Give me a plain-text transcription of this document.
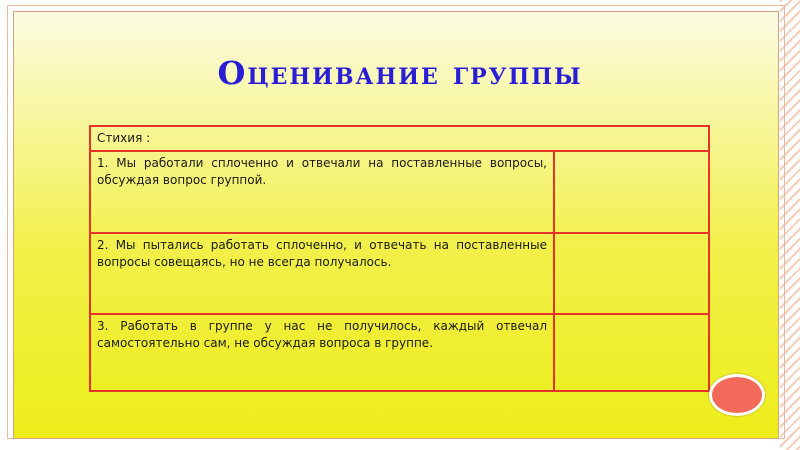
Оценивание группы
Стихия :	
1. Мы работали сплоченно и отвечали на поставленные вопросы, обсуждая вопрос группой.	
2. Мы пытались работать сплоченно, и отвечать на поставленные вопросы совещаясь, но не всегда получалось.	
3. Работать в группе у нас не получилось, каждый отвечал самостоятельно сам, не обсуждая вопроса в группе.	
